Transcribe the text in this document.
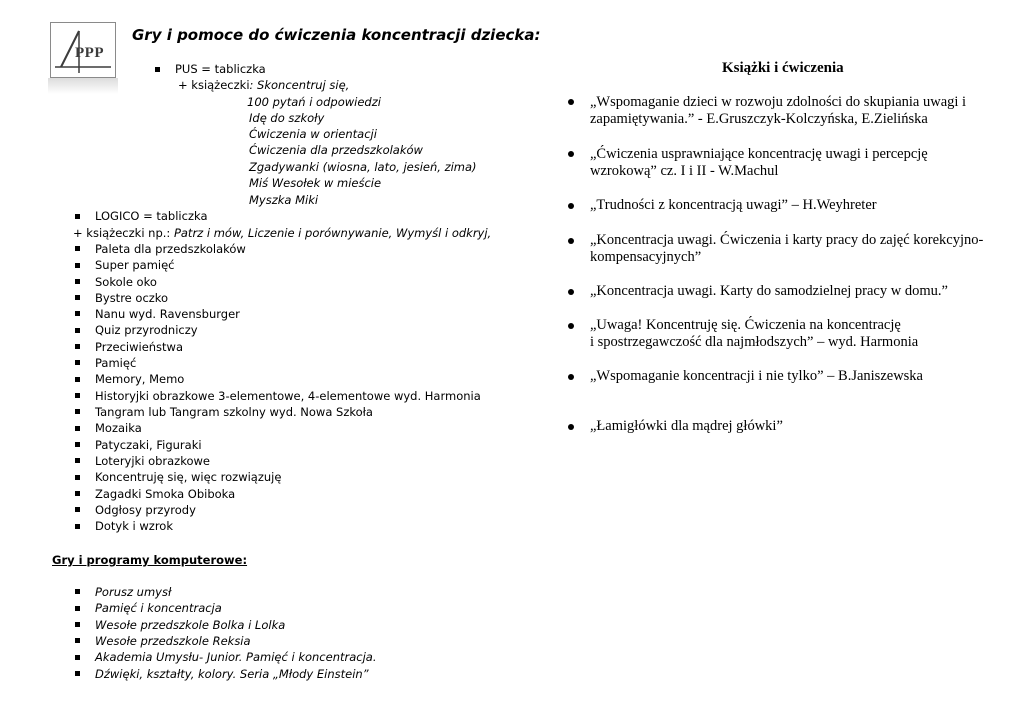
PPP
Gry i pomoce do ćwiczenia koncentracji dziecka:
PUS = tabliczka
+ książeczki: Skoncentruj się,
100 pytań i odpowiedzi
Idę do szkoły
Ćwiczenia w orientacji
Ćwiczenia dla przedszkolaków
Zgadywanki (wiosna, lato, jesień, zima)
Miś Wesołek w mieście
Myszka Miki
LOGICO = tabliczka
+ książeczki np.: Patrz i mów, Liczenie i porównywanie, Wymyśl i odkryj,
Paleta dla przedszkolaków
Super pamięć
Sokole oko
Bystre oczko
Nanu wyd. Ravensburger
Quiz przyrodniczy
Przeciwieństwa
Pamięć
Memory, Memo
Historyjki obrazkowe 3-elementowe, 4-elementowe wyd. Harmonia
Tangram lub Tangram szkolny wyd. Nowa Szkoła
Mozaika
Patyczaki, Figuraki
Loteryjki obrazkowe
Koncentruję się, więc rozwiązuję
Zagadki Smoka Obiboka
Odgłosy przyrody
Dotyk i wzrok
Gry i programy komputerowe:
Porusz umysł
Pamięć i koncentracja
Wesołe przedszkole Bolka i Lolka
Wesołe przedszkole Reksia
Akademia Umysłu- Junior. Pamięć i koncentracja.
Dźwięki, kształty, kolory. Seria „Młody Einstein”
Książki i ćwiczenia
„Wspomaganie dzieci w rozwoju zdolności do skupiania uwagi i
zapamiętywania.” - E.Gruszczyk-Kolczyńska, E.Zielińska
„Ćwiczenia usprawniające koncentrację uwagi i percepcję
wzrokową” cz. I i II - W.Machul
„Trudności z koncentracją uwagi” – H.Weyhreter
„Koncentracja uwagi. Ćwiczenia i karty pracy do zajęć korekcyjno-
kompensacyjnych”
„Koncentracja uwagi. Karty do samodzielnej pracy w domu.”
„Uwaga! Koncentruję się. Ćwiczenia na koncentrację
i spostrzegawczość dla najmłodszych” – wyd. Harmonia
„Wspomaganie koncentracji i nie tylko” – B.Janiszewska
„Łamigłówki dla mądrej główki”
